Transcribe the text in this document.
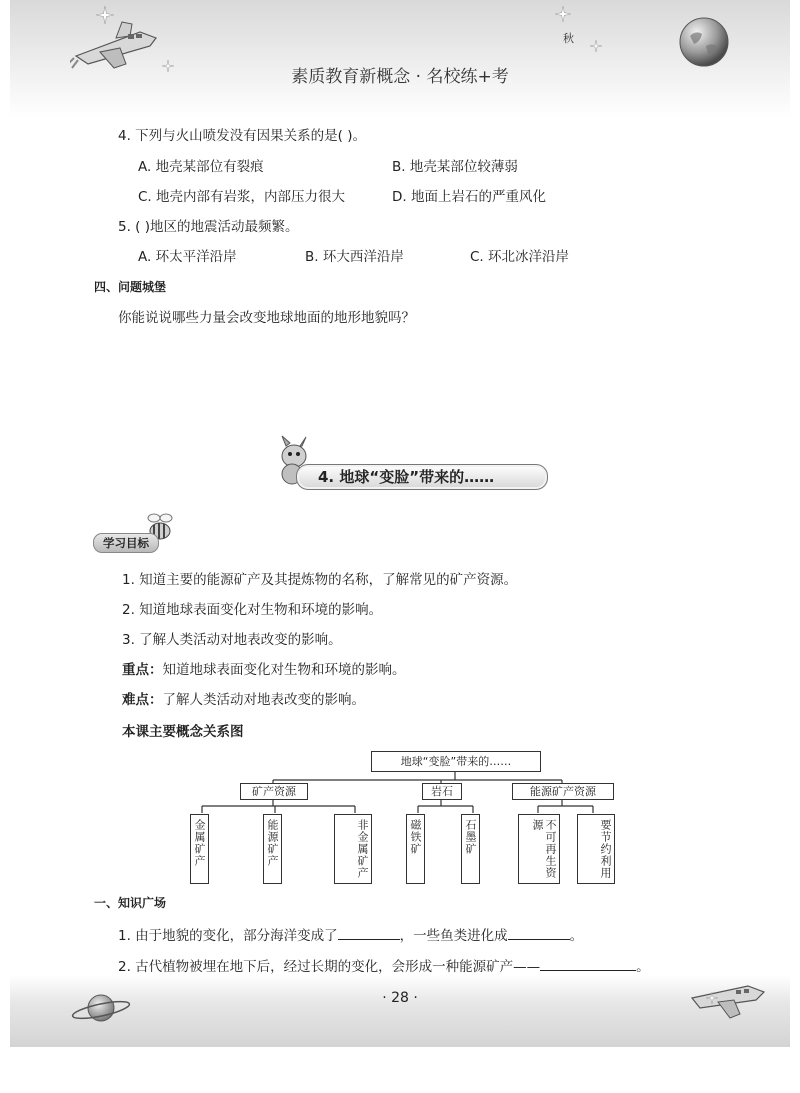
秋
素质教育新概念 · 名校练+考
4. 下列与火山喷发没有因果关系的是( )。
A. 地壳某部位有裂痕	B. 地壳某部位较薄弱
C. 地壳内部有岩浆，内部压力很大	D. 地面上岩石的严重风化
5. ( )地区的地震活动最频繁。
A. 环太平洋沿岸	B. 环大西洋沿岸	C. 环北冰洋沿岸
四、问题城堡
你能说说哪些力量会改变地球地面的地形地貌吗？
4. 地球“变脸”带来的……
学习目标
1. 知道主要的能源矿产及其提炼物的名称，了解常见的矿产资源。
2. 知道地球表面变化对生物和环境的影响。
3. 了解人类活动对地表改变的影响。
重点：知道地球表面变化对生物和环境的影响。
难点：了解人类活动对地表改变的影响。
本课主要概念关系图
地球“变脸”带来的……
矿产资源	岩石	能源矿产资源
金属矿产	能源矿产	非金属矿产	磁铁矿	石墨矿	不可再生资源	要节约利用
一、知识广场
1. 由于地貌的变化，部分海洋变成了	，一些鱼类进化成	。
2. 古代植物被埋在地下后，经过长期的变化，会形成一种能源矿产——	。
· 28 ·
